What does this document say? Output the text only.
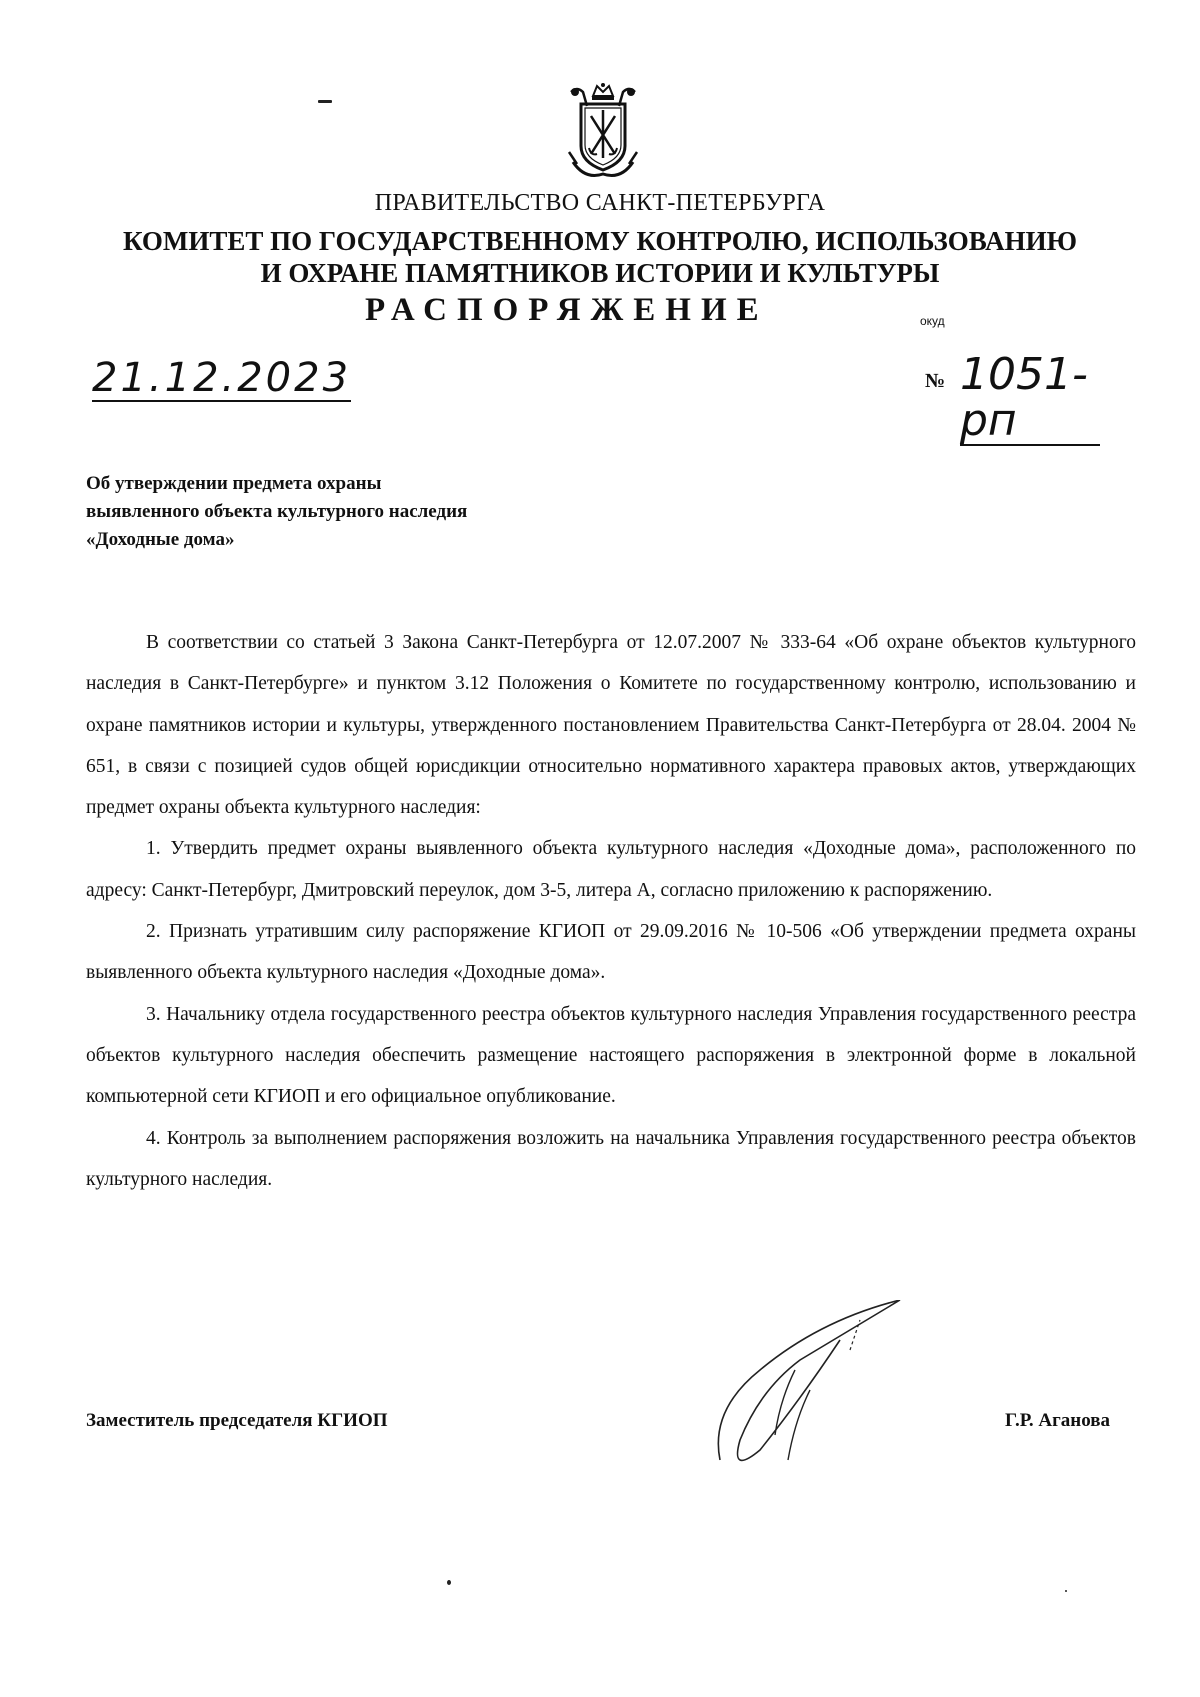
ПРАВИТЕЛЬСТВО САНКТ-ПЕТЕРБУРГА
КОМИТЕТ ПО ГОСУДАРСТВЕННОМУ КОНТРОЛЮ, ИСПОЛЬЗОВАНИЮ
И ОХРАНЕ ПАМЯТНИКОВ ИСТОРИИ И КУЛЬТУРЫ
РАСПОРЯЖЕНИЕ	окуд
21.12.2023	№ 1051-рп
Об утверждении предмета охраны
выявленного объекта культурного наследия
«Доходные дома»

В соответствии со статьей 3 Закона Санкт-Петербурга от 12.07.2007 № 333-64 «Об охране объектов культурного наследия в Санкт-Петербурге» и пунктом 3.12 Положения о Комитете по государственному контролю, использованию и охране памятников истории и культуры, утвержденного постановлением Правительства Санкт-Петербурга от 28.04. 2004 № 651, в связи с позицией судов общей юрисдикции относительно нормативного характера правовых актов, утверждающих предмет охраны объекта культурного наследия:

1. Утвердить предмет охраны выявленного объекта культурного наследия «Доходные дома», расположенного по адресу: Санкт-Петербург, Дмитровский переулок, дом 3-5, литера А, согласно приложению к распоряжению.

2. Признать утратившим силу распоряжение КГИОП от 29.09.2016 № 10-506 «Об утверждении предмета охраны выявленного объекта культурного наследия «Доходные дома».

3. Начальнику отдела государственного реестра объектов культурного наследия Управления государственного реестра объектов культурного наследия обеспечить размещение настоящего распоряжения в электронной форме в локальной компьютерной сети КГИОП и его официальное опубликование.

4. Контроль за выполнением распоряжения возложить на начальника Управления государственного реестра объектов культурного наследия.

Заместитель председателя КГИОП	Г.Р. Аганова
